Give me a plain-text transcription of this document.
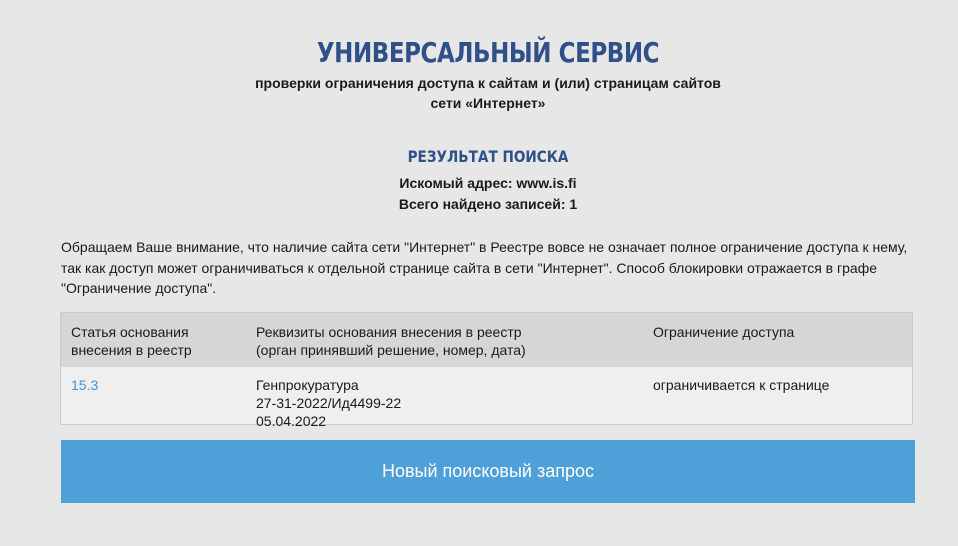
УНИВЕРСАЛЬНЫЙ СЕРВИС
проверки ограничения доступа к сайтам и (или) страницам сайтов
сети «Интернет»
РЕЗУЛЬТАТ ПОИСКА
Искомый адрес: www.is.fi
Всего найдено записей: 1
Обращаем Ваше внимание, что наличие сайта сети "Интернет" в Реестре вовсе не означает полное ограничение доступа к нему, так как доступ может ограничиваться к отдельной странице сайта в сети "Интернет". Способ блокировки отражается в графе "Ограничение доступа".
Статья основания
внесения в реестр
Реквизиты основания внесения в реестр
(орган принявший решение, номер, дата)
Ограничение доступа
15.3	Генпрокуратура
27-31-2022/Ид4499-22
05.04.2022
ограничивается к странице
Новый поисковый запрос
